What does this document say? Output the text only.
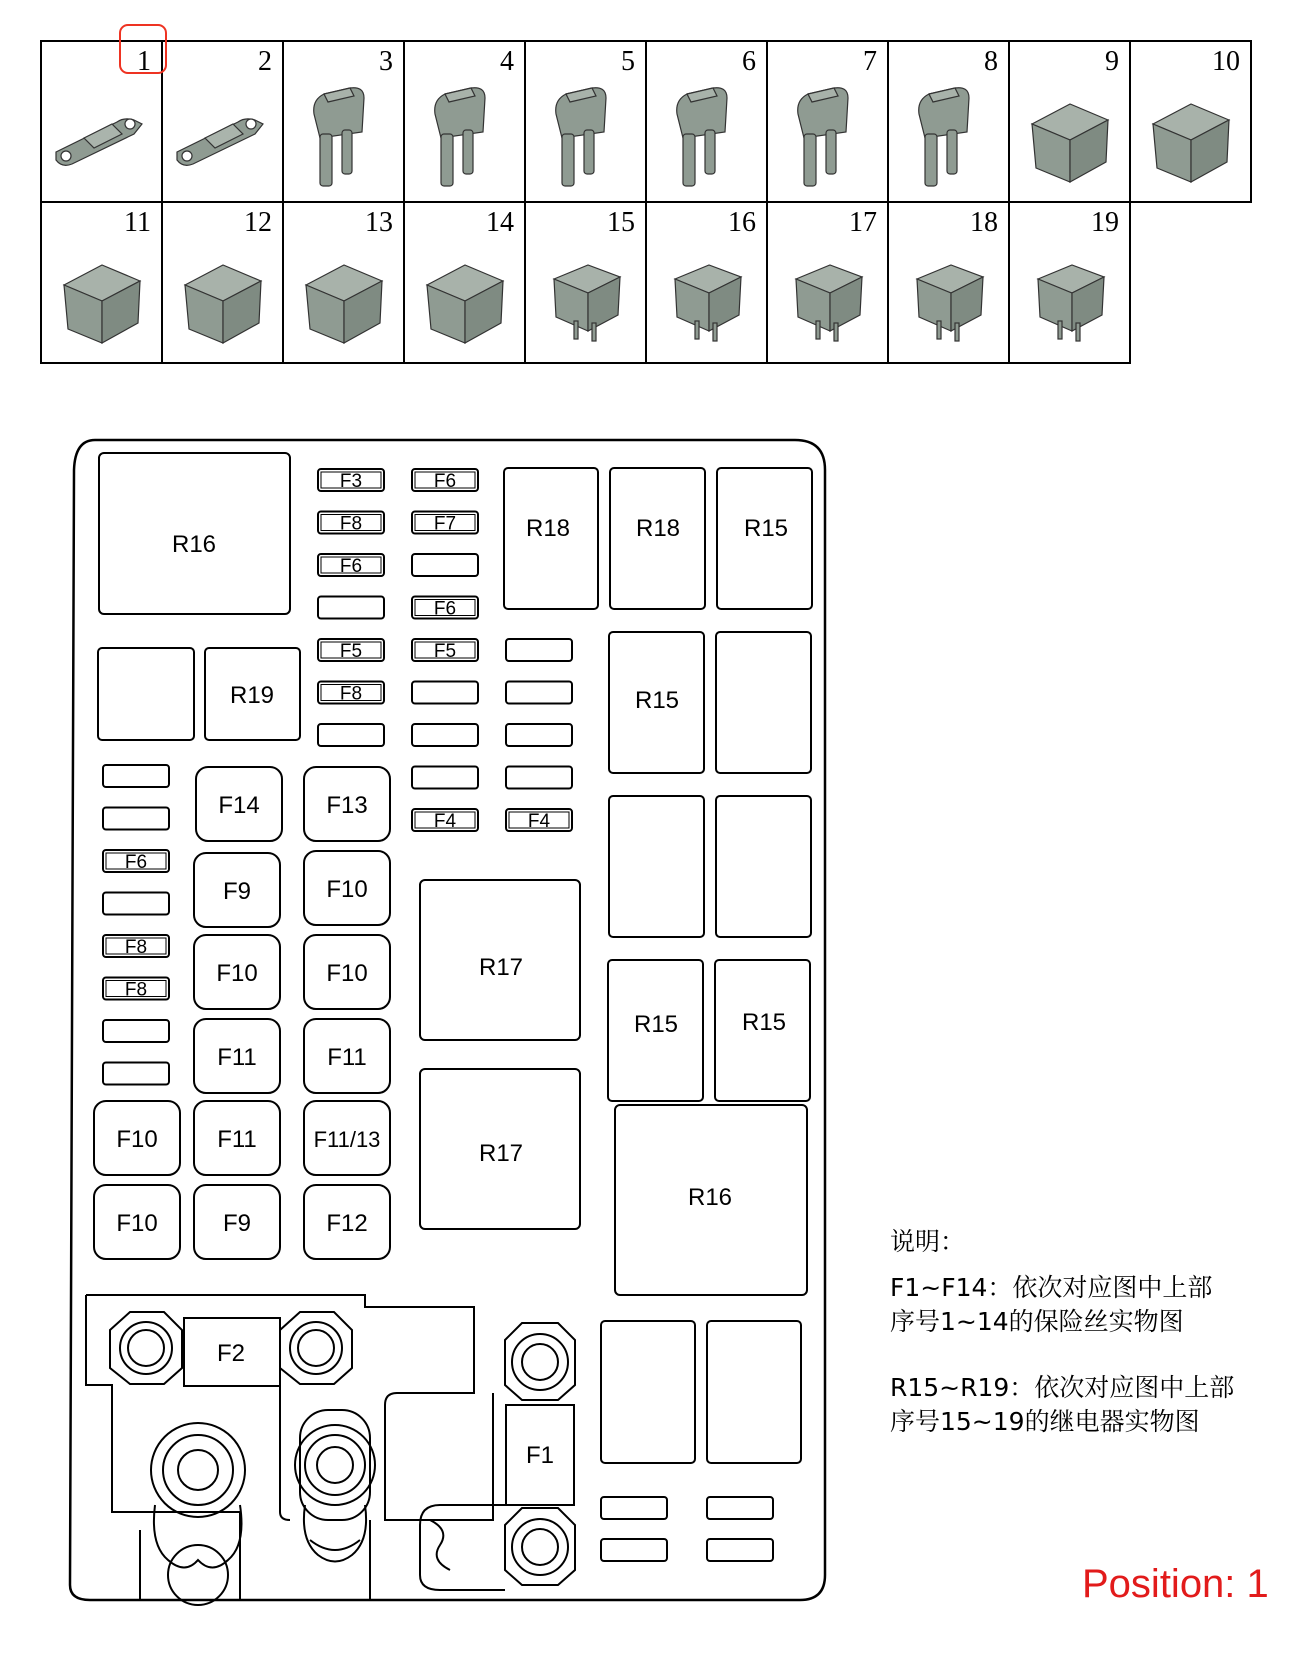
1	2	3	4	5	6	7	8	9	10
11	12	13	14	15	16	17	18	19
R16
R19
R18	R18	R15
R15
R17
R15	R15
R17
R16
F3
F8
F6
F5
F8
F6
F7
F6
F5
F4	F4
F6
F8
F8
F14	F13
F9	F10
F10	F10
F11	F11
F10 F11	F11/13
F10	F9	F12
F2
F1
说明：
F1~F14：依次对应图中上部
序号1~14的保险丝实物图
R15~R19：依次对应图中上部
序号15~19的继电器实物图
Position: 1
